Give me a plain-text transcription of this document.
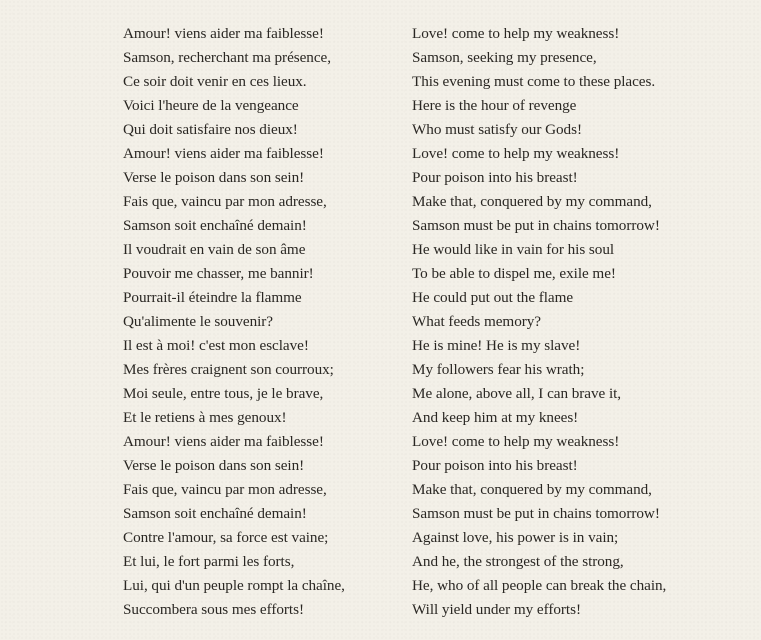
Amour! viens aider ma faiblesse!
Samson, recherchant ma présence,
Ce soir doit venir en ces lieux.
Voici l'heure de la vengeance
Qui doit satisfaire nos dieux!
Amour! viens aider ma faiblesse!
Verse le poison dans son sein!
Fais que, vaincu par mon adresse,
Samson soit enchaîné demain!
Il voudrait en vain de son âme
Pouvoir me chasser, me bannir!
Pourrait-il éteindre la flamme
Qu'alimente le souvenir?
Il est à moi! c'est mon esclave!
Mes frères craignent son courroux;
Moi seule, entre tous, je le brave,
Et le retiens à mes genoux!
Amour! viens aider ma faiblesse!
Verse le poison dans son sein!
Fais que, vaincu par mon adresse,
Samson soit enchaîné demain!
Contre l'amour, sa force est vaine;
Et lui, le fort parmi les forts,
Lui, qui d'un peuple rompt la chaîne,
Succombera sous mes efforts!
Love! come to help my weakness!
Samson, seeking my presence,
This evening must come to these places.
Here is the hour of revenge
Who must satisfy our Gods!
Love! come to help my weakness!
Pour poison into his breast!
Make that, conquered by my command,
Samson must be put in chains tomorrow!
He would like in vain for his soul
To be able to dispel me, exile me!
He could put out the flame
What feeds memory?
He is mine! He is my slave!
My followers fear his wrath;
Me alone, above all, I can brave it,
And keep him at my knees!
Love! come to help my weakness!
Pour poison into his breast!
Make that, conquered by my command,
Samson must be put in chains tomorrow!
Against love, his power is in vain;
And he, the strongest of the strong,
He, who of all people can break the chain,
Will yield under my efforts!
